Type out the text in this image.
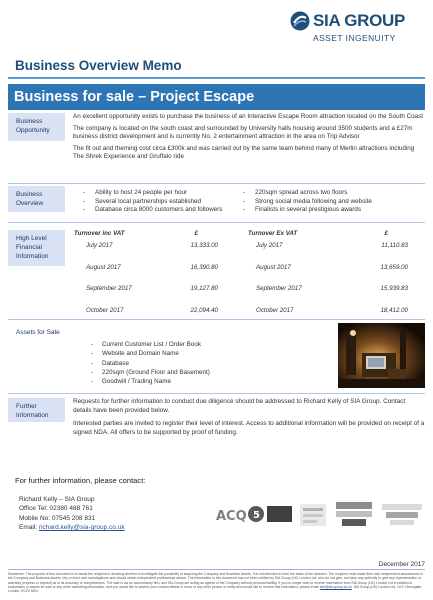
SIA GROUP
ASSET INGENUITY
Business Overview Memo
Business for sale – Project Escape
Business Opportunity

An excellent opportunity exists to purchase the business of an Interactive Escape Room attraction located on the South Coast

The company is located on the south coast and surrounded by University halls housing around 3500 students and a £27m business district development and is currently No. 2 entertainment attraction in the area on Trip Advisor

The fit out and theming cost circa £300k and was carried out by the same team behind many of Merlin attractions including The Shrek Experience and Gruffalo ride

Business Overview
- Ability to host 24 people per hour
- Several local partnerships established
- Database circa 8000 customers and followers
- 220sqm spread across two floors
- Strong social media following and website
- Finalists in several prestigious awards
High Level Financial Information
Turnover inc VAT	£
July 2017	13,333.00
August 2017	16,390.80
September 2017	19,127.80
October 2017	22,094.40
Turnover Ex VAT	£
July 2017	11,110.83
August 2017	13,659.00
September 2017	15,939.83
October 2017	18,412.00
Assets for Sale
- Current Customer List / Order Book
- Website and Domain Name
- Database
- 220sqm (Ground Floor and Basement)
- Goodwill / Trading Name
Further Information

Requests for further information to conduct due diligence should be addressed to Richard Kelly of SIA Group. Contact details have been provided below.

Interested parties are invited to register their level of interest. Access to additional information will be provided on receipt of a signed NDA. All offers to be supported by proof of funding.

For further information, please contact:
Richard Kelly – SIA Group
Office Tel: 02380 488 761
Mobile No: 07545 208 831
Email: richard.kelly@sia-group.co.uk
ACQ 5
December 2017
Disclaimer: The purpose of this document is to assist the recipient in deciding whether to investigate the possibility of acquiring the Company and Business Assets. It is not intended to form the basis of the decision. The recipient must make their own independent assessment of the Company and Business Assets, rely on their own investigations and should obtain independent professional advice. The information in this document has not been verified by SIA Group (UK) London Ltd, who do not give, nor have any authority to give any representation or warranty (express or implied) as to its accuracy or completeness. The sale is via an accountancy firm, and SIA Group are acting as agents of the Company without personal liability. If you no longer wish to receive information from SIA Group (UK) London Ltd in relation to businesses or assets for sale or any other marketing information, and you would like to amend your contact details or know of any other person or entity who would like to receive this information, please email info@sia-group.co.uk. SIA Group (UK) London Ltd, 10-F Chessgate, London, EC2V 6DN.
